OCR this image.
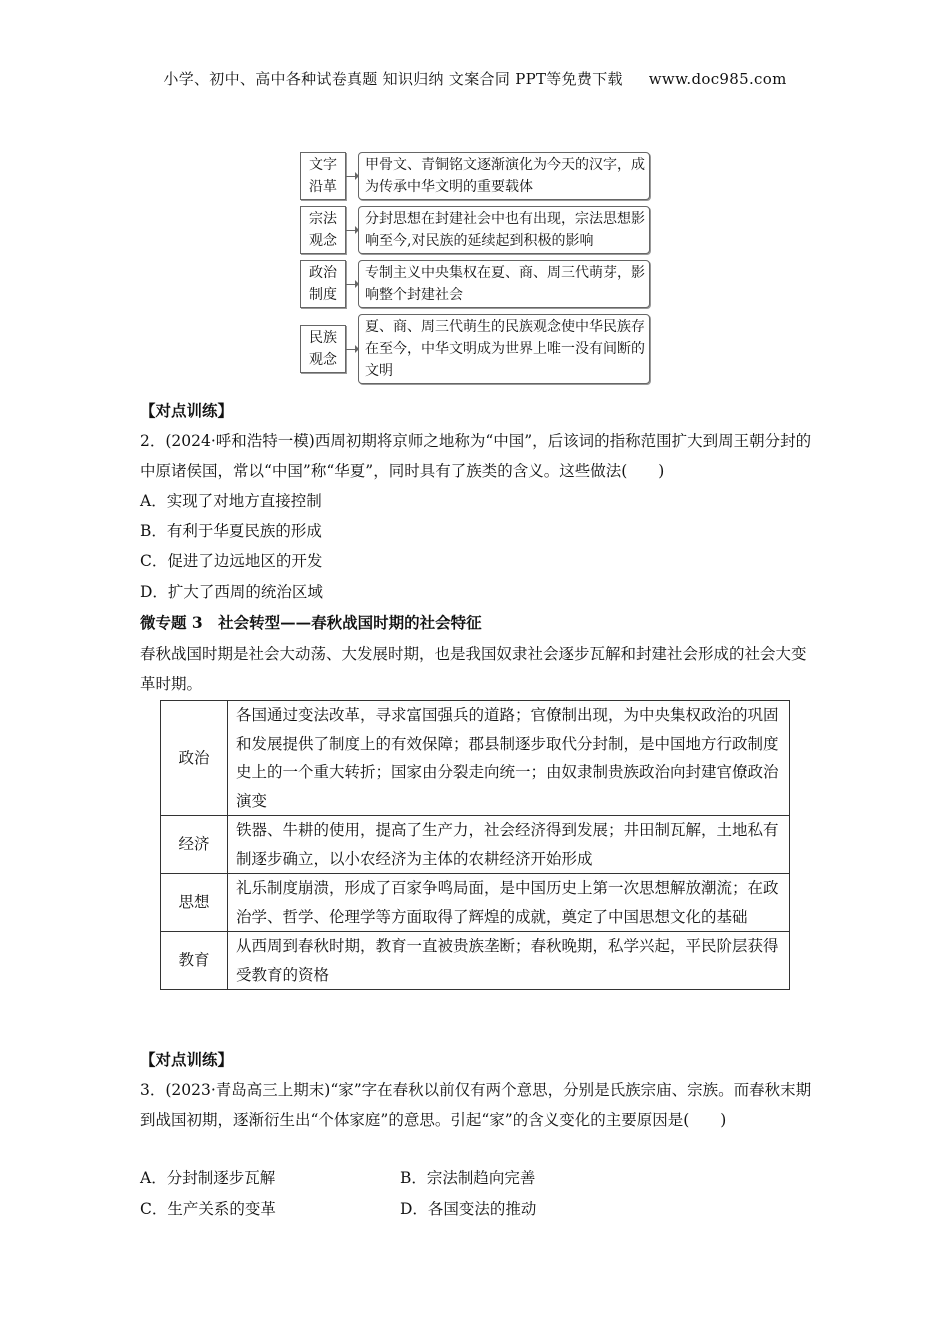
小学、初中、高中各种试卷真题 知识归纳 文案合同 PPT等免费下载 www.doc985.com
文字
沿革
甲骨文、青铜铭文逐渐演化为今天的汉字，成为传承中华文明的重要载体
宗法
观念
分封思想在封建社会中也有出现，宗法思想影响至今,对民族的延续起到积极的影响
政治
制度
专制主义中央集权在夏、商、周三代萌芽，影响整个封建社会
民族
观念
夏、商、周三代萌生的民族观念使中华民族存在至今，中华文明成为世界上唯一没有间断的文明
【对点训练】
2．(2024·呼和浩特一模)西周初期将京师之地称为“中国”，后该词的指称范围扩大到周王朝分封的中原诸侯国，常以“中国”称“华夏”，同时具有了族类的含义。这些做法(　　)
A．实现了对地方直接控制
B．有利于华夏民族的形成
C．促进了边远地区的开发
D．扩大了西周的统治区域
微专题 3　社会转型——春秋战国时期的社会特征
春秋战国时期是社会大动荡、大发展时期，也是我国奴隶社会逐步瓦解和封建社会形成的社会大变革时期。
政治	各国通过变法改革，寻求富国强兵的道路；官僚制出现，为中央集权政治的巩固和发展提供了制度上的有效保障；郡县制逐步取代分封制，是中国地方行政制度史上的一个重大转折；国家由分裂走向统一；由奴隶制贵族政治向封建官僚政治演变
经济	铁器、牛耕的使用，提高了生产力，社会经济得到发展；井田制瓦解，土地私有制逐步确立，以小农经济为主体的农耕经济开始形成
思想	礼乐制度崩溃，形成了百家争鸣局面，是中国历史上第一次思想解放潮流；在政治学、哲学、伦理学等方面取得了辉煌的成就，奠定了中国思想文化的基础
教育	从西周到春秋时期，教育一直被贵族垄断；春秋晚期，私学兴起，平民阶层获得受教育的资格
【对点训练】
3．(2023·青岛高三上期末)“家”字在春秋以前仅有两个意思，分别是氏族宗庙、宗族。而春秋末期到战国初期，逐渐衍生出“个体家庭”的意思。引起“家”的含义变化的主要原因是(　　)
A．分封制逐步瓦解	B．宗法制趋向完善
C．生产关系的变革	D．各国变法的推动
